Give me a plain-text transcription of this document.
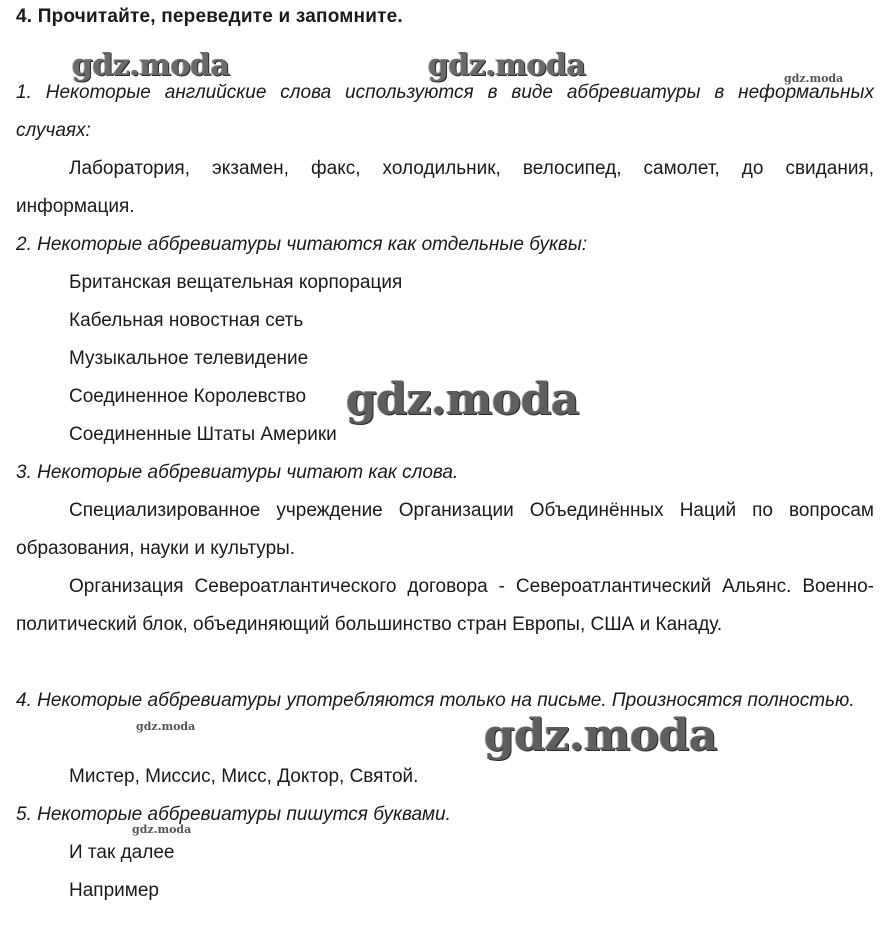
4. Прочитайте, переведите и запомните.
1. Некоторые английские слова используются в виде аббревиатуры в неформальных случаях:
Лаборатория, экзамен, факс, холодильник, велосипед, самолет, до свидания, информация.
2. Некоторые аббревиатуры читаются как отдельные буквы:
Британская вещательная корпорация
Кабельная новостная сеть
Музыкальное телевидение
Соединенное Королевство
Соединенные Штаты Америки
3. Некоторые аббревиатуры читают как слова.
Специализированное учреждение Организации Объединённых Наций по вопросам образования, науки и культуры.
Организация Североатлантического договора - Североатлантический Альянс. Военно-политический блок, объединяющий большинство стран Европы, США и Канаду.
4. Некоторые аббревиатуры употребляются только на письме. Произносятся полностью.
Мистер, Миссис, Мисс, Доктор, Святой.
5. Некоторые аббревиатуры пишутся буквами.
И так далее
Например
gdz.moda	gdz.moda	gdz.moda
gdz.moda
gdz.moda	gdz.moda
gdz.moda
